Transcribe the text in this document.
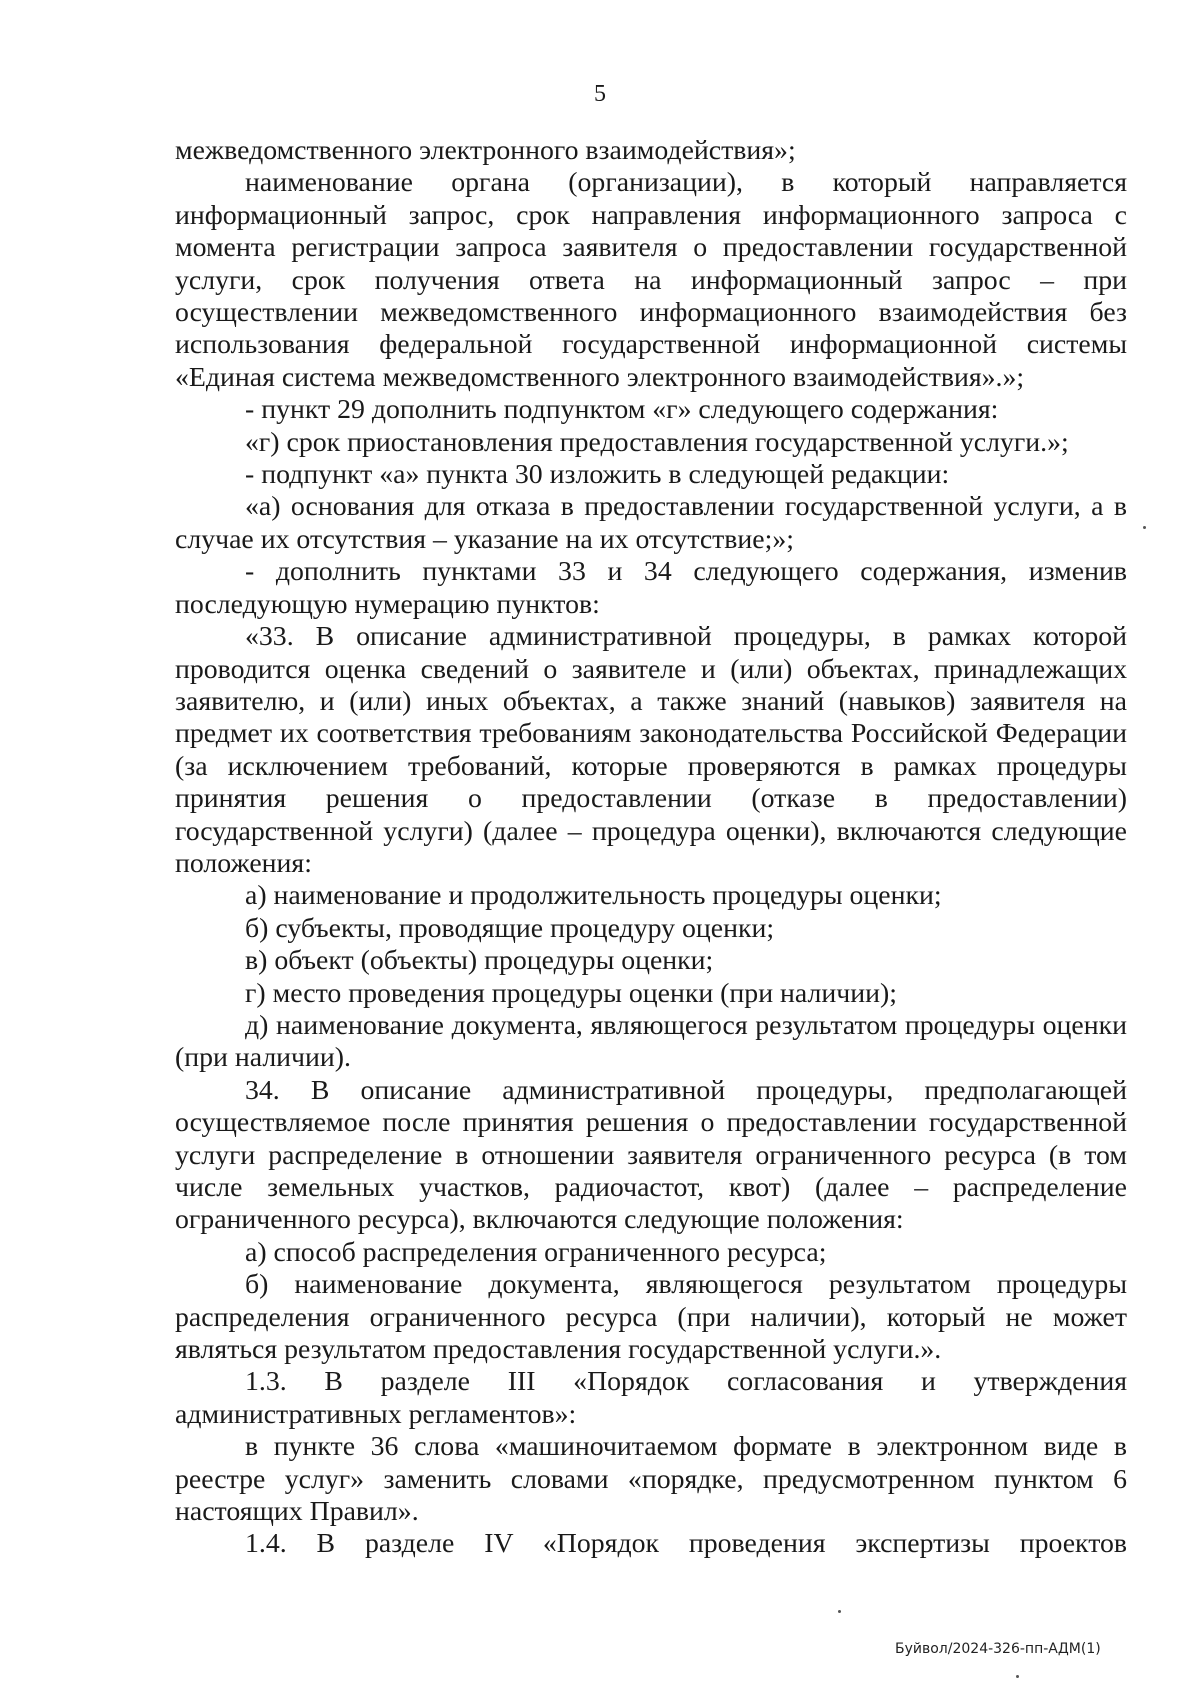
5

межведомственного электронного взаимодействия»;

наименование органа (организации), в который направляется информационный запрос, срок направления информационного запроса с момента регистрации запроса заявителя о предоставлении государственной услуги, срок получения ответа на информационный запрос – при осуществлении межведомственного информационного взаимодействия без использования федеральной государственной информационной системы «Единая система межведомственного электронного взаимодействия».»;

- пункт 29 дополнить подпунктом «г» следующего содержания:

«г) срок приостановления предоставления государственной услуги.»;

- подпункт «а» пункта 30 изложить в следующей редакции:

«а) основания для отказа в предоставлении государственной услуги, а в случае их отсутствия – указание на их отсутствие;»;

- дополнить пунктами 33 и 34 следующего содержания, изменив последующую нумерацию пунктов:

«33. В описание административной процедуры, в рамках которой проводится оценка сведений о заявителе и (или) объектах, принадлежащих заявителю, и (или) иных объектах, а также знаний (навыков) заявителя на предмет их соответствия требованиям законодательства Российской Федерации (за исключением требований, которые проверяются в рамках процедуры принятия решения о предоставлении (отказе в предоставлении) государственной услуги) (далее – процедура оценки), включаются следующие положения:

а) наименование и продолжительность процедуры оценки;

б) субъекты, проводящие процедуру оценки;

в) объект (объекты) процедуры оценки;

г) место проведения процедуры оценки (при наличии);

д) наименование документа, являющегося результатом процедуры оценки (при наличии).

34. В описание административной процедуры, предполагающей осуществляемое после принятия решения о предоставлении государственной услуги распределение в отношении заявителя ограниченного ресурса (в том числе земельных участков, радиочастот, квот) (далее – распределение ограниченного ресурса), включаются следующие положения:

а) способ распределения ограниченного ресурса;

б) наименование документа, являющегося результатом процедуры распределения ограниченного ресурса (при наличии), который не может являться результатом предоставления государственной услуги.».

1.3. В разделе III «Порядок согласования и утверждения административных регламентов»:

в пункте 36 слова «машиночитаемом формате в электронном виде в реестре услуг» заменить словами «порядке, предусмотренном пунктом 6 настоящих Правил».

1.4. В разделе IV «Порядок проведения экспертизы проектов

Буйвол/2024-326-пп-АДМ(1)
